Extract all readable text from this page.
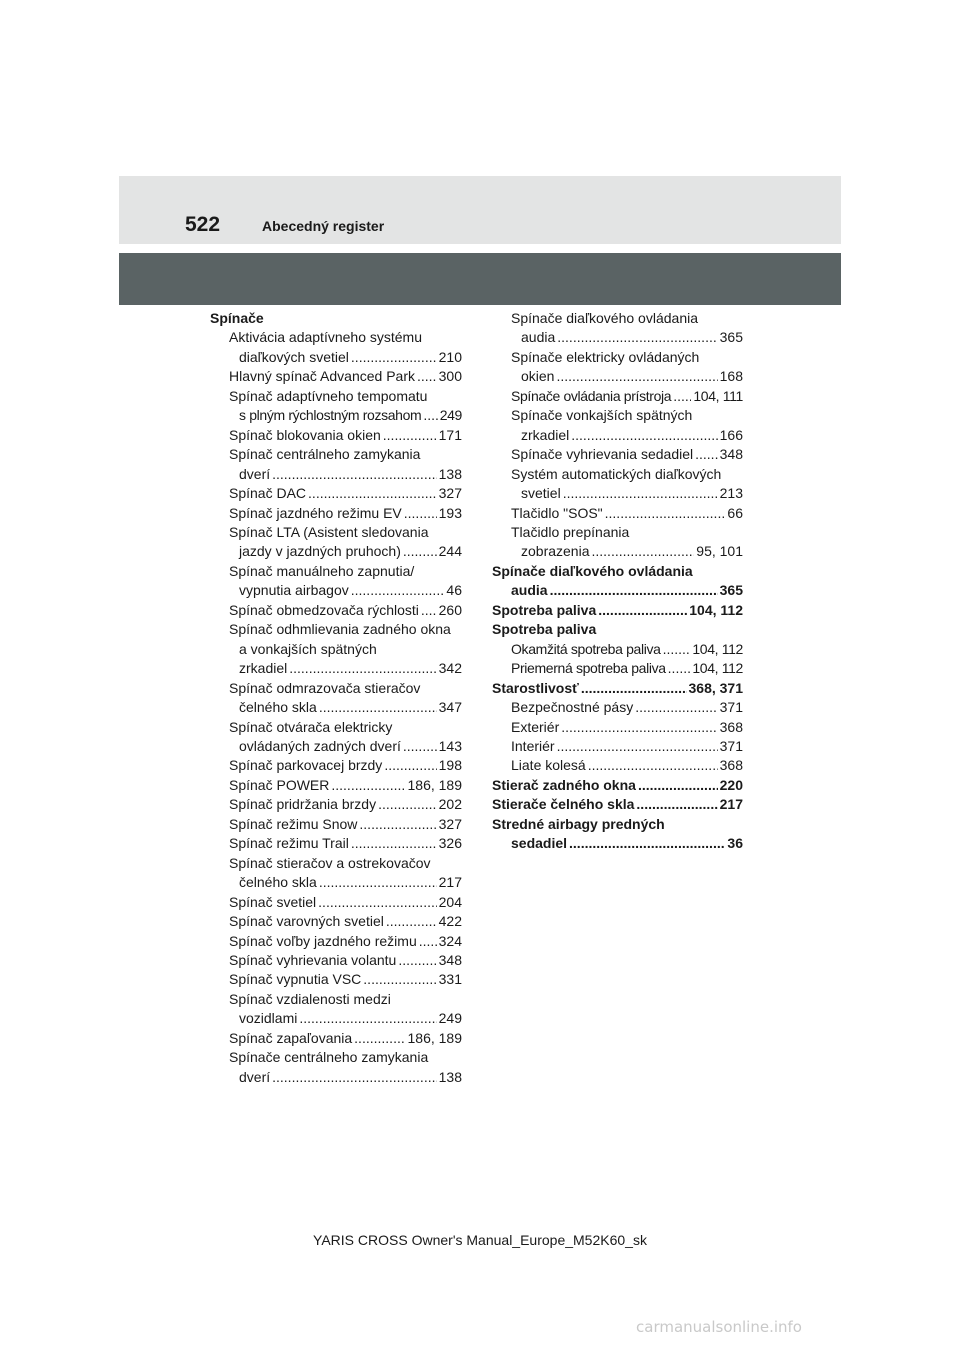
522	Abecedný register
Spínače
Aktivácia adaptívneho systému
diaľkových svetiel .....	210
Hlavný spínač Advanced Park ..... 300
Spínač adaptívneho tempomatu
s plným rýchlostným rozsahom ..... 249
Spínač blokovania okien .....	171
Spínač centrálneho zamykania
dverí .....	138
Spínač DAC .....	327
Spínač jazdného režimu EV .....	193
Spínač LTA (Asistent sledovania
jazdy v jazdných pruhoch) .....	244
Spínač manuálneho zapnutia/
vypnutia airbagov .....	46
Spínač obmedzovača rýchlosti ..... 260
Spínač odhmlievania zadného okna
a vonkajších spätných
zrkadiel .....	342
Spínač odmrazovača stieračov
čelného skla .....	347
Spínač otvárača elektricky
ovládaných zadných dverí .....	143
Spínač parkovacej brzdy .....	198
Spínač POWER .....	186, 189
Spínač pridržania brzdy .....	202
Spínač režimu Snow .....	327
Spínač režimu Trail .....	326
Spínač stieračov a ostrekovačov
čelného skla .....	217
Spínač svetiel .....	204
Spínač varovných svetiel .....	422
Spínač voľby jazdného režimu ..... 324
Spínač vyhrievania volantu .....	348
Spínač vypnutia VSC .....	331
Spínač vzdialenosti medzi
vozidlami .....	249
Spínač zapaľovania .....	186, 189
Spínače centrálneho zamykania
dverí .....	138
Spínače diaľkového ovládania
audia .....	365
Spínače elektricky ovládaných
okien .....	168
Spínače ovládania prístroja ..... 104, 111
Spínače vonkajších spätných
zrkadiel .....	166
Spínače vyhrievania sedadiel ..... 348
Systém automatických diaľkových
svetiel .....	213
Tlačidlo "SOS" .....	66
Tlačidlo prepínania
zobrazenia .....	95, 101
Spínače diaľkového ovládania
audia .....	365
Spotreba paliva .....	104, 112
Spotreba paliva
Okamžitá spotreba paliva ..... 104, 112
Priemerná spotreba paliva ..... 104, 112
Starostlivosť .....	368, 371
Bezpečnostné pásy .....	371
Exteriér .....	368
Interiér .....	371
Liate kolesá .....	368
Stierač zadného okna .....	220
Stierače čelného skla .....	217
Stredné airbagy predných
sedadiel .....	36
YARIS CROSS Owner's Manual_Europe_M52K60_sk
carmanualsonline.info
